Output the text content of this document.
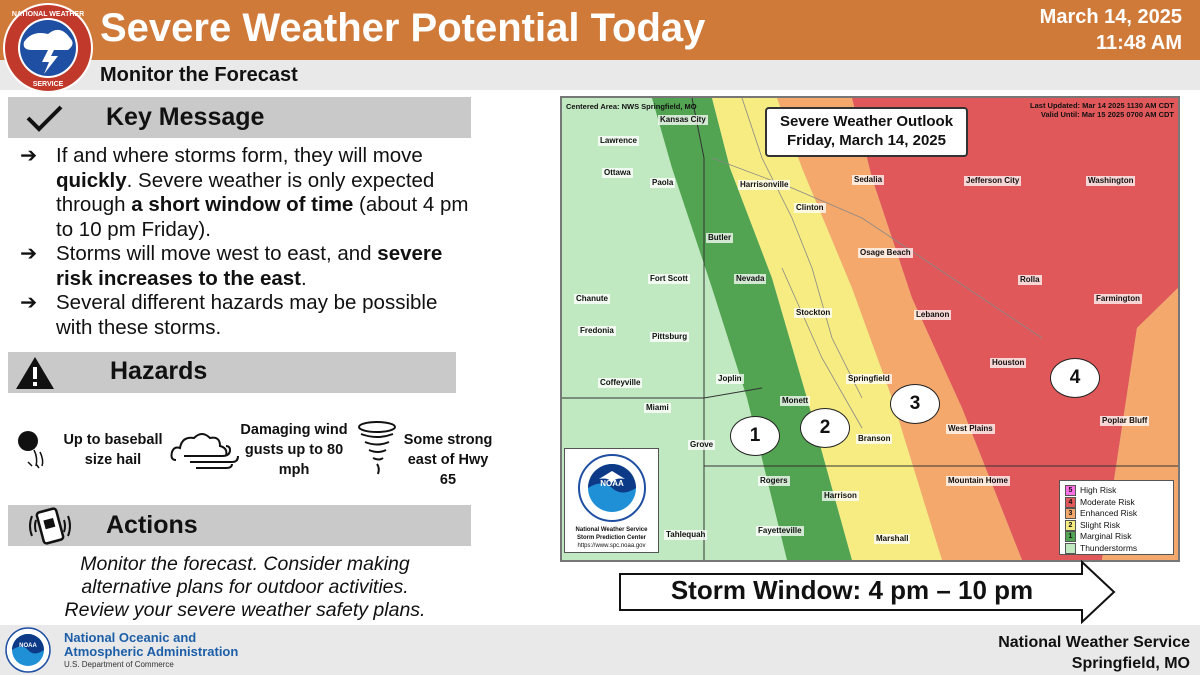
NATIONAL WEATHER
SERVICE
Severe Weather Potential Today	March 14, 2025
11:48 AM
Monitor the Forecast
Key Message
➔ If and where storms form, they will move quickly. Severe weather is only expected through a short window of time (about 4 pm to 10 pm Friday).
➔ Storms will move west to east, and severe risk increases to the east.
➔ Several different hazards may be possible with these storms.
Hazards
Up to baseball size hail
Damaging wind gusts up to 80 mph
Some strong east of Hwy 65
Actions
Monitor the forecast. Consider making
alternative plans for outdoor activities.
Review your severe weather safety plans.
Centered Area: NWS Springfield, MO	Last Updated: Mar 14 2025 1130 AM CDT
Valid Until: Mar 15 2025 0700 AM CDT
Severe Weather Outlook
Friday, March 14, 2025
Kansas City
Lawrence
Ottawa
Paola	Harrisonville
Sedalia	Jefferson City	Washington
Clinton
Butler
Osage Beach
Fort Scott	Nevada	Rolla
Chanute	Farmington
Stockton	Lebanon
Fredonia
Pittsburg
Houston
Coffeyville	Joplin	Springfield
Miami
Monett
Poplar Bluff
West Plains
Grove
Branson
Rogers	Mountain Home
Harrison
Tahlequah	Fayetteville
Marshall
1	2
3
4
NOAA
National Weather Service
Storm Prediction Center
https://www.spc.noaa.gov
5 High Risk
4 Moderate Risk
3 Enhanced Risk
2 Slight Risk
1 Marginal Risk
Thunderstorms
Storm Window: 4 pm – 10 pm
NOAA
National Oceanic and
Atmospheric Administration
U.S. Department of Commerce
National Weather Service
Springfield, MO
